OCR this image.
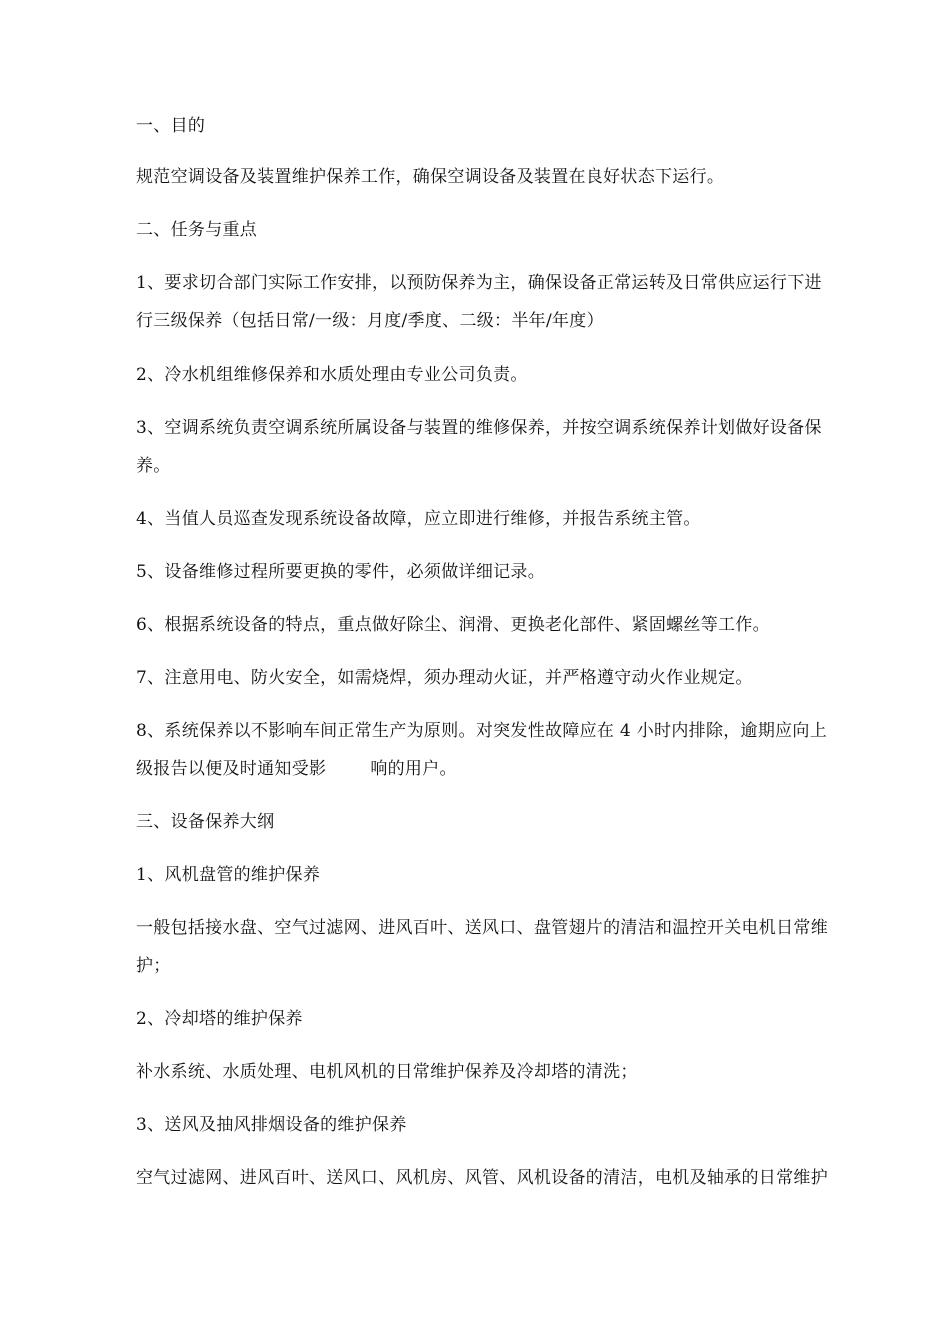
一、目的

规范空调设备及装置维护保养工作，确保空调设备及装置在良好状态下运行。

二、任务与重点

1、要求切合部门实际工作安排，以预防保养为主，确保设备正常运转及日常供应运行下进行三级保养（包括日常/一级：月度/季度、二级：半年/年度）

2、冷水机组维修保养和水质处理由专业公司负责。

3、空调系统负责空调系统所属设备与装置的维修保养，并按空调系统保养计划做好设备保养。

4、当值人员巡查发现系统设备故障，应立即进行维修，并报告系统主管。

5、设备维修过程所要更换的零件，必须做详细记录。

6、根据系统设备的特点，重点做好除尘、润滑、更换老化部件、紧固螺丝等工作。

7、注意用电、防火安全，如需烧焊，须办理动火证，并严格遵守动火作业规定。

8、系统保养以不影响车间正常生产为原则。对突发性故障应在 4 小时内排除，逾期应向上级报告以便及时通知受影	响的用户。

三、设备保养大纲

1、风机盘管的维护保养

一般包括接水盘、空气过滤网、进风百叶、送风口、盘管翅片的清洁和温控开关电机日常维护；

2、冷却塔的维护保养

补水系统、水质处理、电机风机的日常维护保养及冷却塔的清洗；

3、送风及抽风排烟设备的维护保养

空气过滤网、进风百叶、送风口、风机房、风管、风机设备的清洁，电机及轴承的日常维护
